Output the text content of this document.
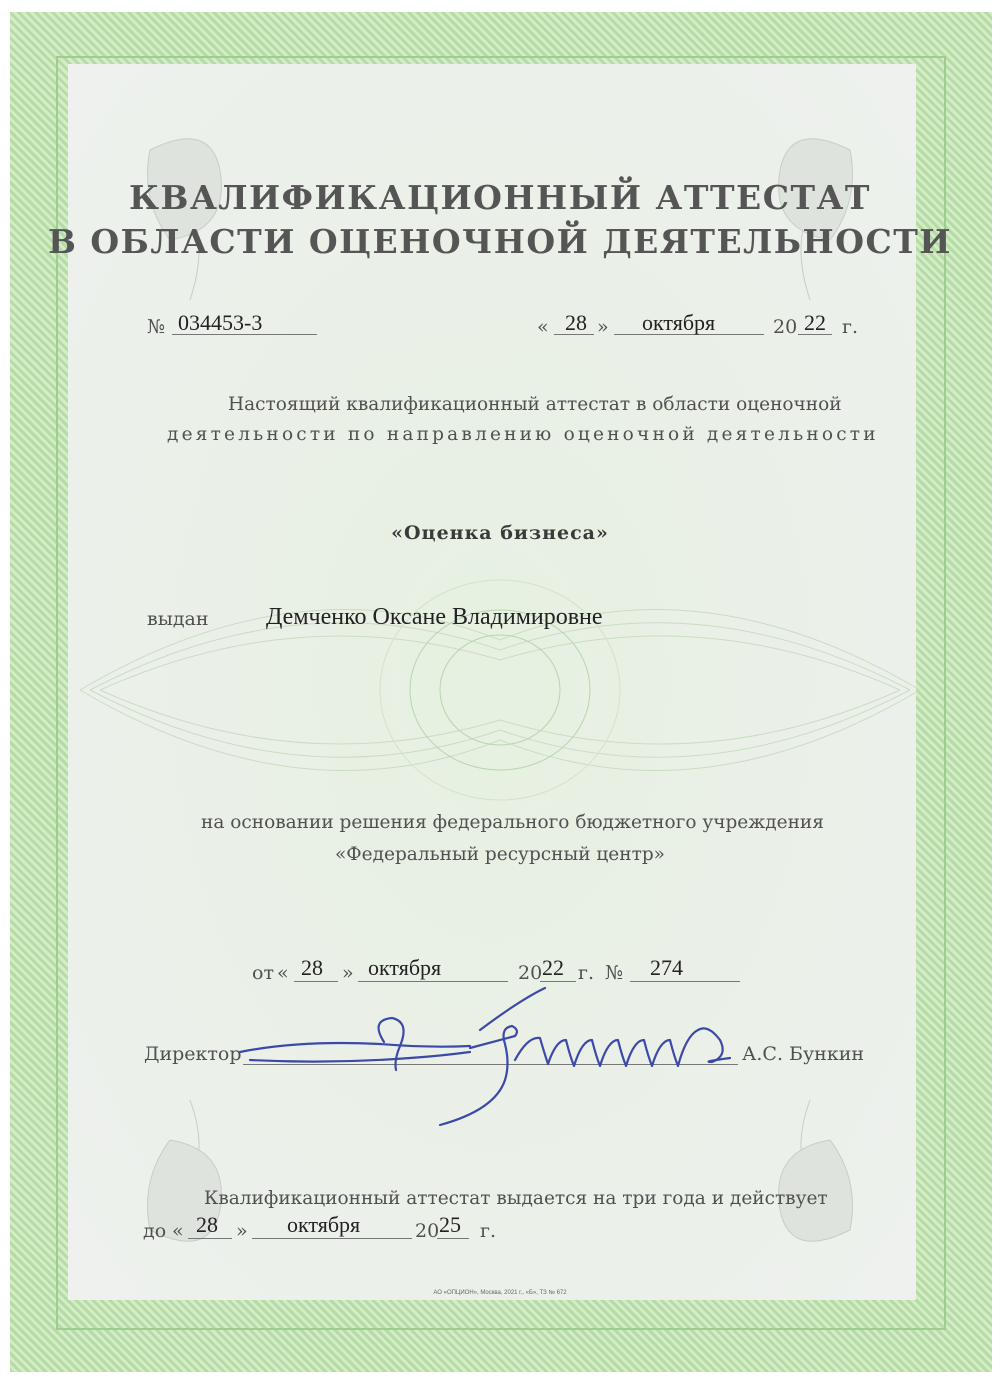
КВАЛИФИКАЦИОННЫЙ АТТЕСТАТ
В ОБЛАСТИ ОЦЕНОЧНОЙ ДЕЯТЕЛЬНОСТИ
№ 034453-3	« 28 » октября	20 22 г.
Настоящий квалификационный аттестат в области оценочной
деятельности по направлению оценочной деятельности
«Оценка бизнеса»
выдан Демченко Оксане Владимировне
на основании решения федерального бюджетного учреждения
«Федеральный ресурсный центр»
от « 28 » октября	20 22 г. № 274
Директор	А.С. Бункин
Квалификационный аттестат выдается на три года и действует
до « 28 » октября	20 25 г.
АО «ОПЦИОН», Москва, 2021 г., «Б», ТЗ № 672
